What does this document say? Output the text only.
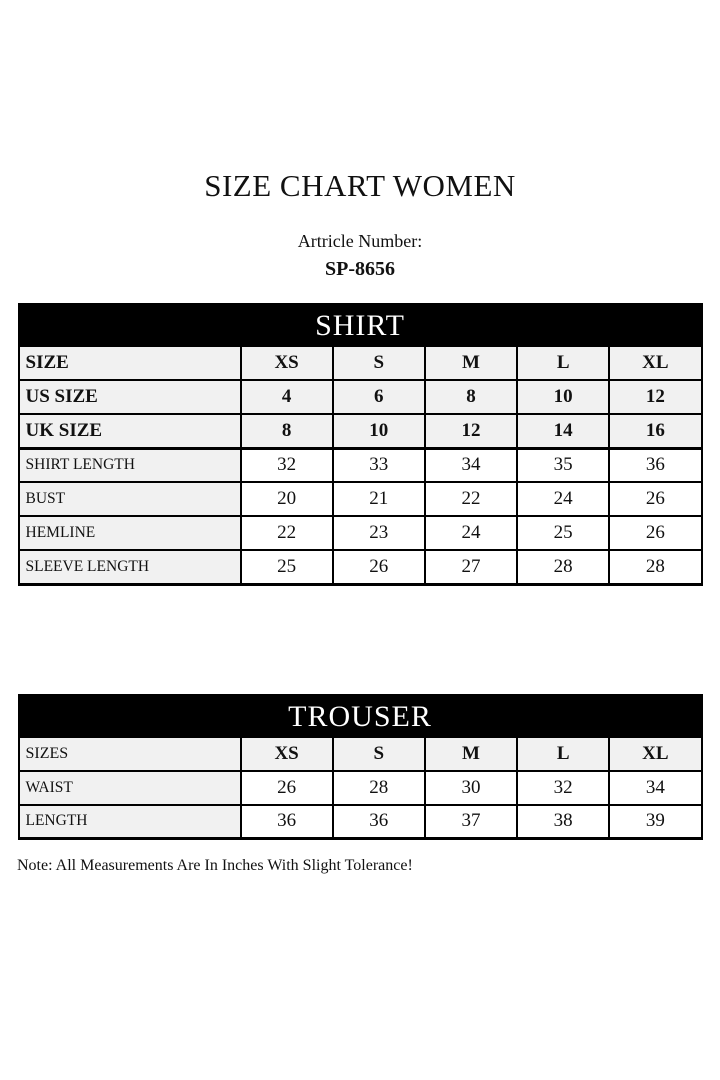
SIZE CHART WOMEN
Artricle Number:
SP-8656
SHIRT
SIZE	XS	S	M	L	XL
US SIZE	4	6	8	10	12
UK SIZE	8	10	12	14	16
SHIRT LENGTH	32	33	34	35	36
BUST	20	21	22	24	26
HEMLINE	22	23	24	25	26
SLEEVE LENGTH	25	26	27	28	28
TROUSER
SIZES	XS	S	M	L	XL
WAIST	26	28	30	32	34
LENGTH	36	36	37	38	39

Note: All Measurements Are In Inches With Slight Tolerance!
